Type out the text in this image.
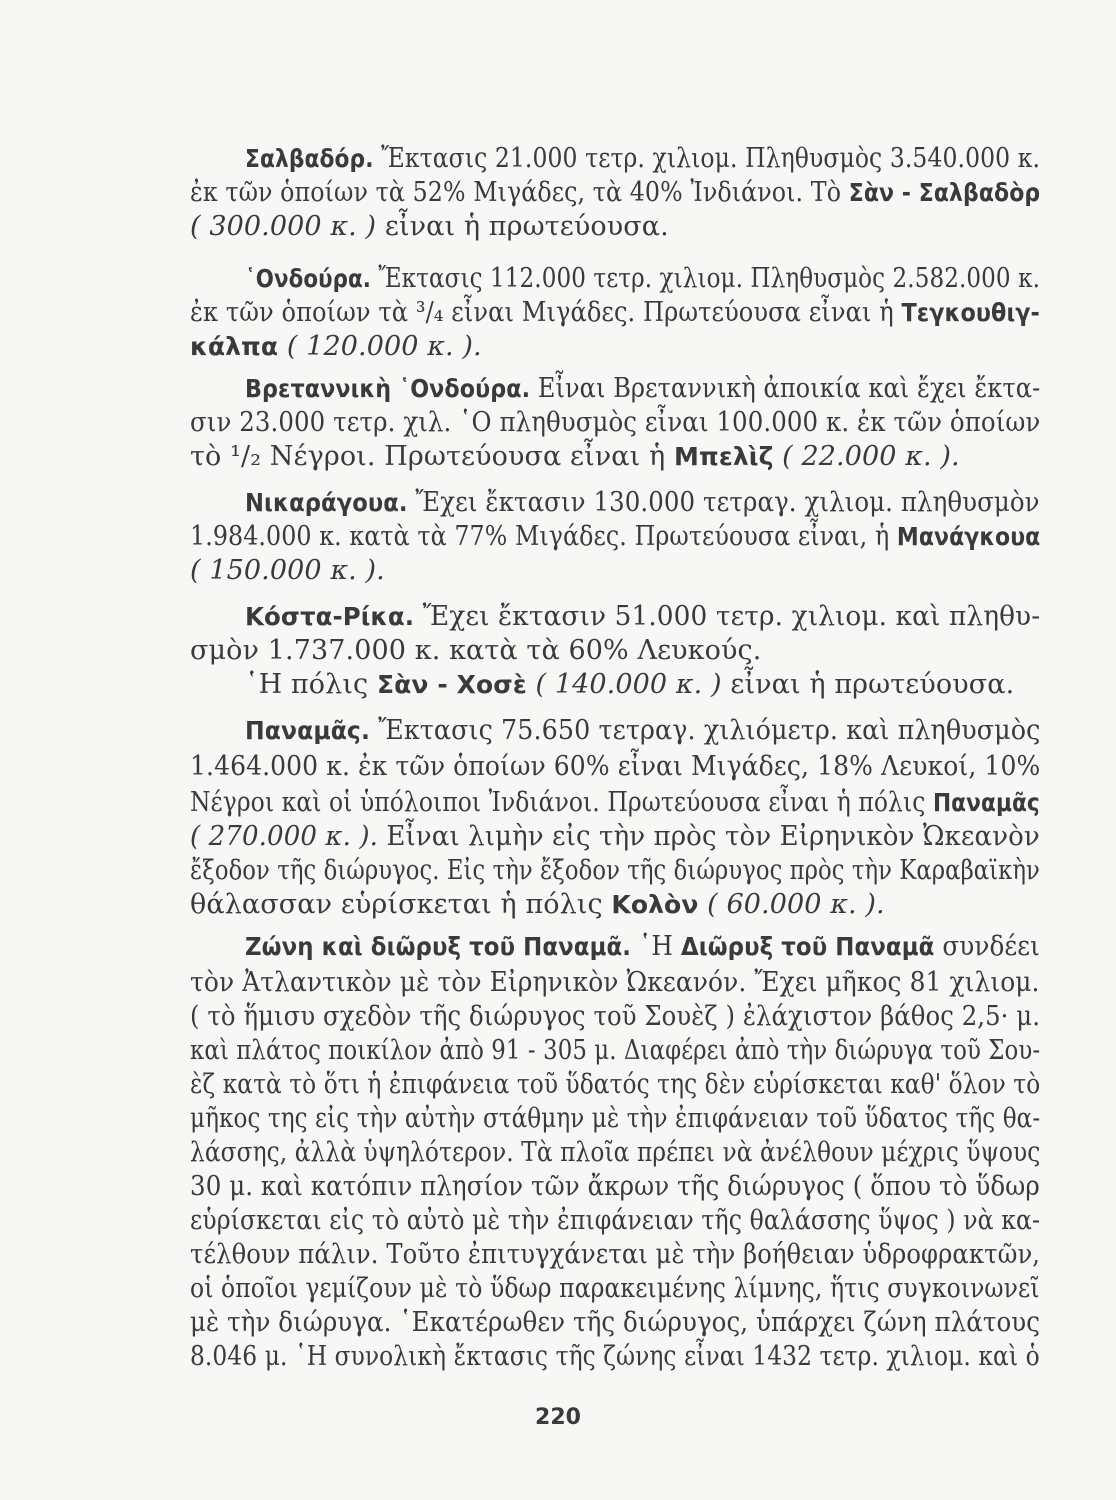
Σαλβαδόρ. Ἔκτασις 21.000 τετρ. χιλιομ. Πληθυσμὸς 3.540.000 κ.
ἐκ τῶν ὁποίων τὰ 52% Μιγάδες, τὰ 40% Ἰνδιάνοι. Τὸ Σὰν - Σαλβαδὸρ
( 300.000 κ. ) εἶναι ἡ πρωτεύουσα.
῾Ονδούρα. Ἔκτασις 112.000 τετρ. χιλιομ. Πληθυσμὸς 2.582.000 κ.
ἐκ τῶν ὁποίων τὰ ³/₄ εἶναι Μιγάδες. Πρωτεύουσα εἶναι ἡ Τεγκουθιγ-
κάλπα ( 120.000 κ. ).
Βρεταννικὴ ῾Ονδούρα. Εἶναι Βρεταννικὴ ἀποικία καὶ ἔχει ἔκτα-
σιν 23.000 τετρ. χιλ. ῾Ο πληθυσμὸς εἶναι 100.000 κ. ἐκ τῶν ὁποίων
τὸ ¹/₂ Νέγροι. Πρωτεύουσα εἶναι ἡ Μπελὶζ ( 22.000 κ. ).
Νικαράγουα. Ἔχει ἔκτασιν 130.000 τετραγ. χιλιομ. πληθυσμὸν
1.984.000 κ. κατὰ τὰ 77% Μιγάδες. Πρωτεύουσα εἶναι, ἡ Μανάγκουα
( 150.000 κ. ).
Κόστα-Ρίκα. Ἔχει ἔκτασιν 51.000 τετρ. χιλιομ. καὶ πληθυ-
σμὸν 1.737.000 κ. κατὰ τὰ 60% Λευκούς.
῾Η πόλις Σὰν - Χοσὲ ( 140.000 κ. ) εἶναι ἡ πρωτεύουσα.
Παναμᾶς. Ἔκτασις 75.650 τετραγ. χιλιόμετρ. καὶ πληθυσμὸς
1.464.000 κ. ἐκ τῶν ὁποίων 60% εἶναι Μιγάδες, 18% Λευκοί, 10%
Νέγροι καὶ οἱ ὑπόλοιποι Ἰνδιάνοι. Πρωτεύουσα εἶναι ἡ πόλις Παναμᾶς
( 270.000 κ. ). Εἶναι λιμὴν εἰς τὴν πρὸς τὸν Εἰρηνικὸν Ὠκεανὸν
ἔξοδον τῆς διώρυγος. Εἰς τὴν ἔξοδον τῆς διώρυγος πρὸς τὴν Καραβαϊκὴν
θάλασσαν εὑρίσκεται ἡ πόλις Κολὸν ( 60.000 κ. ).
Ζώνη καὶ διῶρυξ τοῦ Παναμᾶ. ῾Η Διῶρυξ τοῦ Παναμᾶ συνδέει
τὸν Ἀτλαντικὸν μὲ τὸν Εἰρηνικὸν Ὠκεανόν. Ἔχει μῆκος 81 χιλιομ.
( τὸ ἥμισυ σχεδὸν τῆς διώρυγος τοῦ Σουὲζ ) ἐλάχιστον βάθος 2,5· μ.
καὶ πλάτος ποικίλον ἀπὸ 91 - 305 μ. Διαφέρει ἀπὸ τὴν διώρυγα τοῦ Σου-
ὲζ κατὰ τὸ ὅτι ἡ ἐπιφάνεια τοῦ ὕδατός της δὲν εὑρίσκεται καθ' ὅλον τὸ
μῆκος της εἰς τὴν αὐτὴν στάθμην μὲ τὴν ἐπιφάνειαν τοῦ ὕδατος τῆς θα-
λάσσης, ἀλλὰ ὑψηλότερον. Τὰ πλοῖα πρέπει νὰ ἀνέλθουν μέχρις ὕψους
30 μ. καὶ κατόπιν πλησίον τῶν ἄκρων τῆς διώρυγος ( ὅπου τὸ ὕδωρ
εὑρίσκεται εἰς τὸ αὐτὸ μὲ τὴν ἐπιφάνειαν τῆς θαλάσσης ὕψος ) νὰ κα-
τέλθουν πάλιν. Τοῦτο ἐπιτυγχάνεται μὲ τὴν βοήθειαν ὑδροφρακτῶν,
οἱ ὁποῖοι γεμίζουν μὲ τὸ ὕδωρ παρακειμένης λίμνης, ἥτις συγκοινωνεῖ
μὲ τὴν διώρυγα. ῾Εκατέρωθεν τῆς διώρυγος, ὑπάρχει ζώνη πλάτους
8.046 μ. ῾Η συνολικὴ ἔκτασις τῆς ζώνης εἶναι 1432 τετρ. χιλιομ. καὶ ὁ
220
